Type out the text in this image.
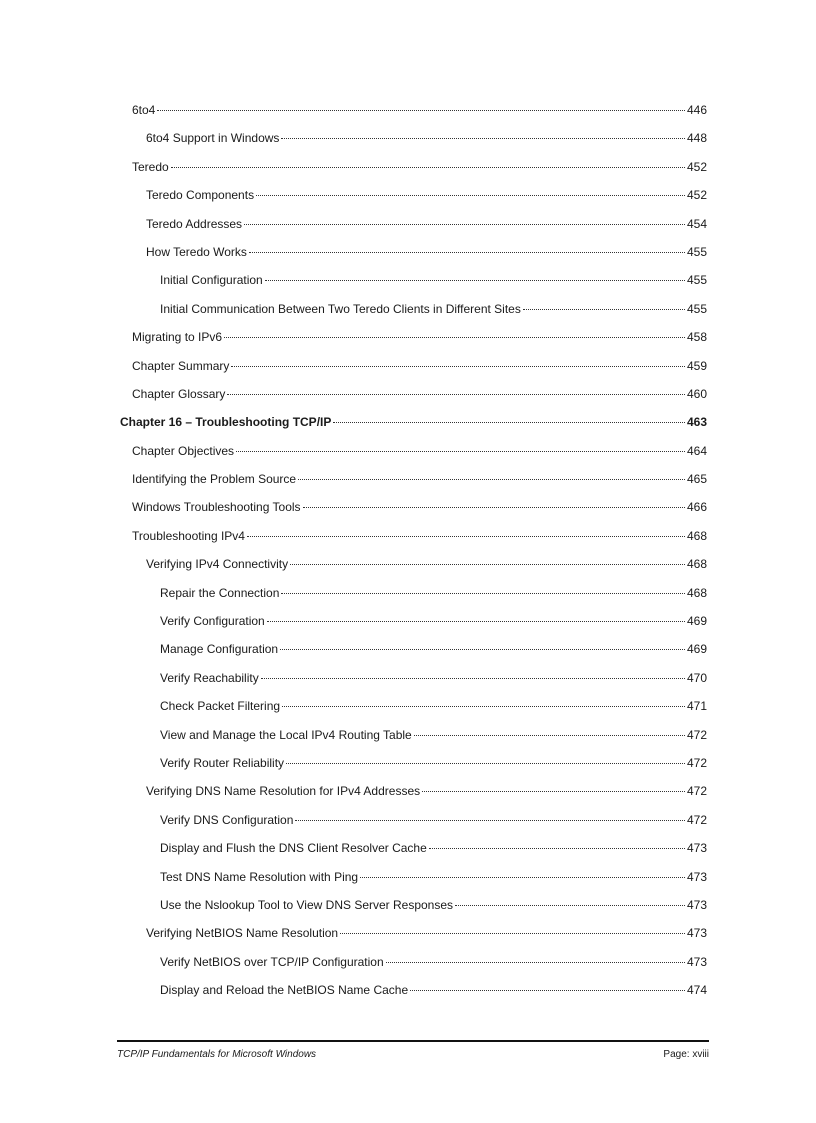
6to4	446
6to4 Support in Windows	448
Teredo	452
Teredo Components	452
Teredo Addresses	454
How Teredo Works	455
Initial Configuration	455
Initial Communication Between Two Teredo Clients in Different Sites	455
Migrating to IPv6	458
Chapter Summary	459
Chapter Glossary	460
Chapter 16 – Troubleshooting TCP/IP	463
Chapter Objectives	464
Identifying the Problem Source	465
Windows Troubleshooting Tools	466
Troubleshooting IPv4	468
Verifying IPv4 Connectivity	468
Repair the Connection	468
Verify Configuration	469
Manage Configuration	469
Verify Reachability	470
Check Packet Filtering	471
View and Manage the Local IPv4 Routing Table	472
Verify Router Reliability	472
Verifying DNS Name Resolution for IPv4 Addresses	472
Verify DNS Configuration	472
Display and Flush the DNS Client Resolver Cache	473
Test DNS Name Resolution with Ping	473
Use the Nslookup Tool to View DNS Server Responses	473
Verifying NetBIOS Name Resolution	473
Verify NetBIOS over TCP/IP Configuration	473
Display and Reload the NetBIOS Name Cache	474
TCP/IP Fundamentals for Microsoft Windows	Page: xviii
